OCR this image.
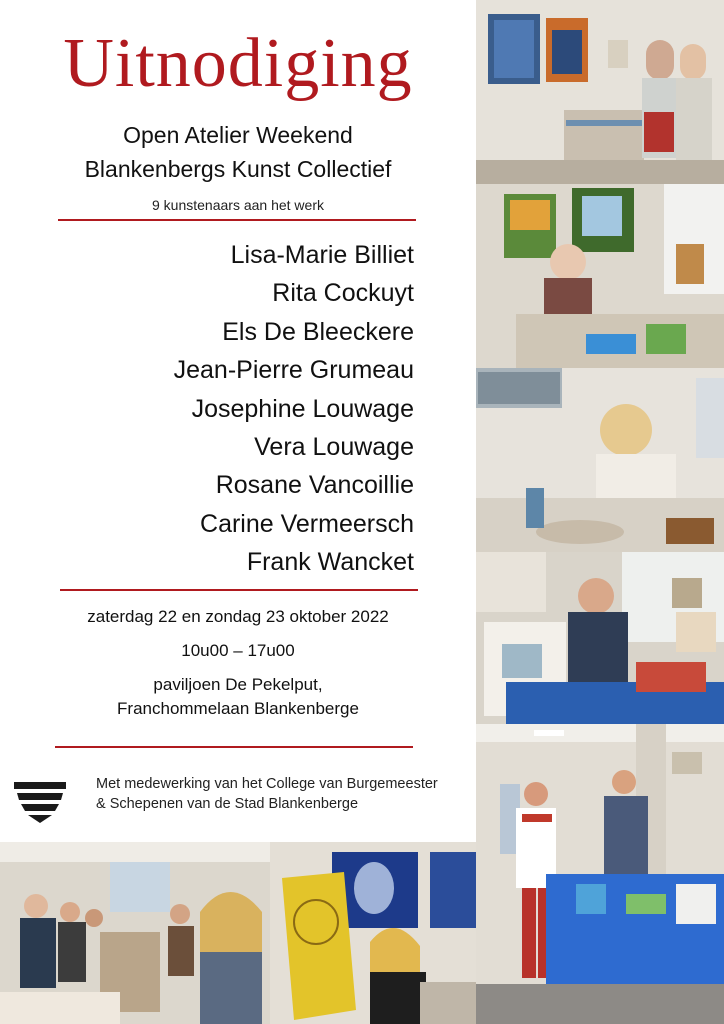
Uitnodiging
Open Atelier Weekend
Blankenbergs Kunst Collectief
9 kunstenaars aan het werk
Lisa-Marie Billiet
Rita Cockuyt
Els De Bleeckere
Jean-Pierre Grumeau
Josephine Louwage
Vera Louwage
Rosane Vancoillie
Carine Vermeersch
Frank Wancket
zaterdag 22 en zondag 23 oktober 2022
10u00 – 17u00
paviljoen De Pekelput,
Franchommelaan Blankenberge
Met medewerking van het College van Burgemeester
& Schepenen van de Stad Blankenberge
